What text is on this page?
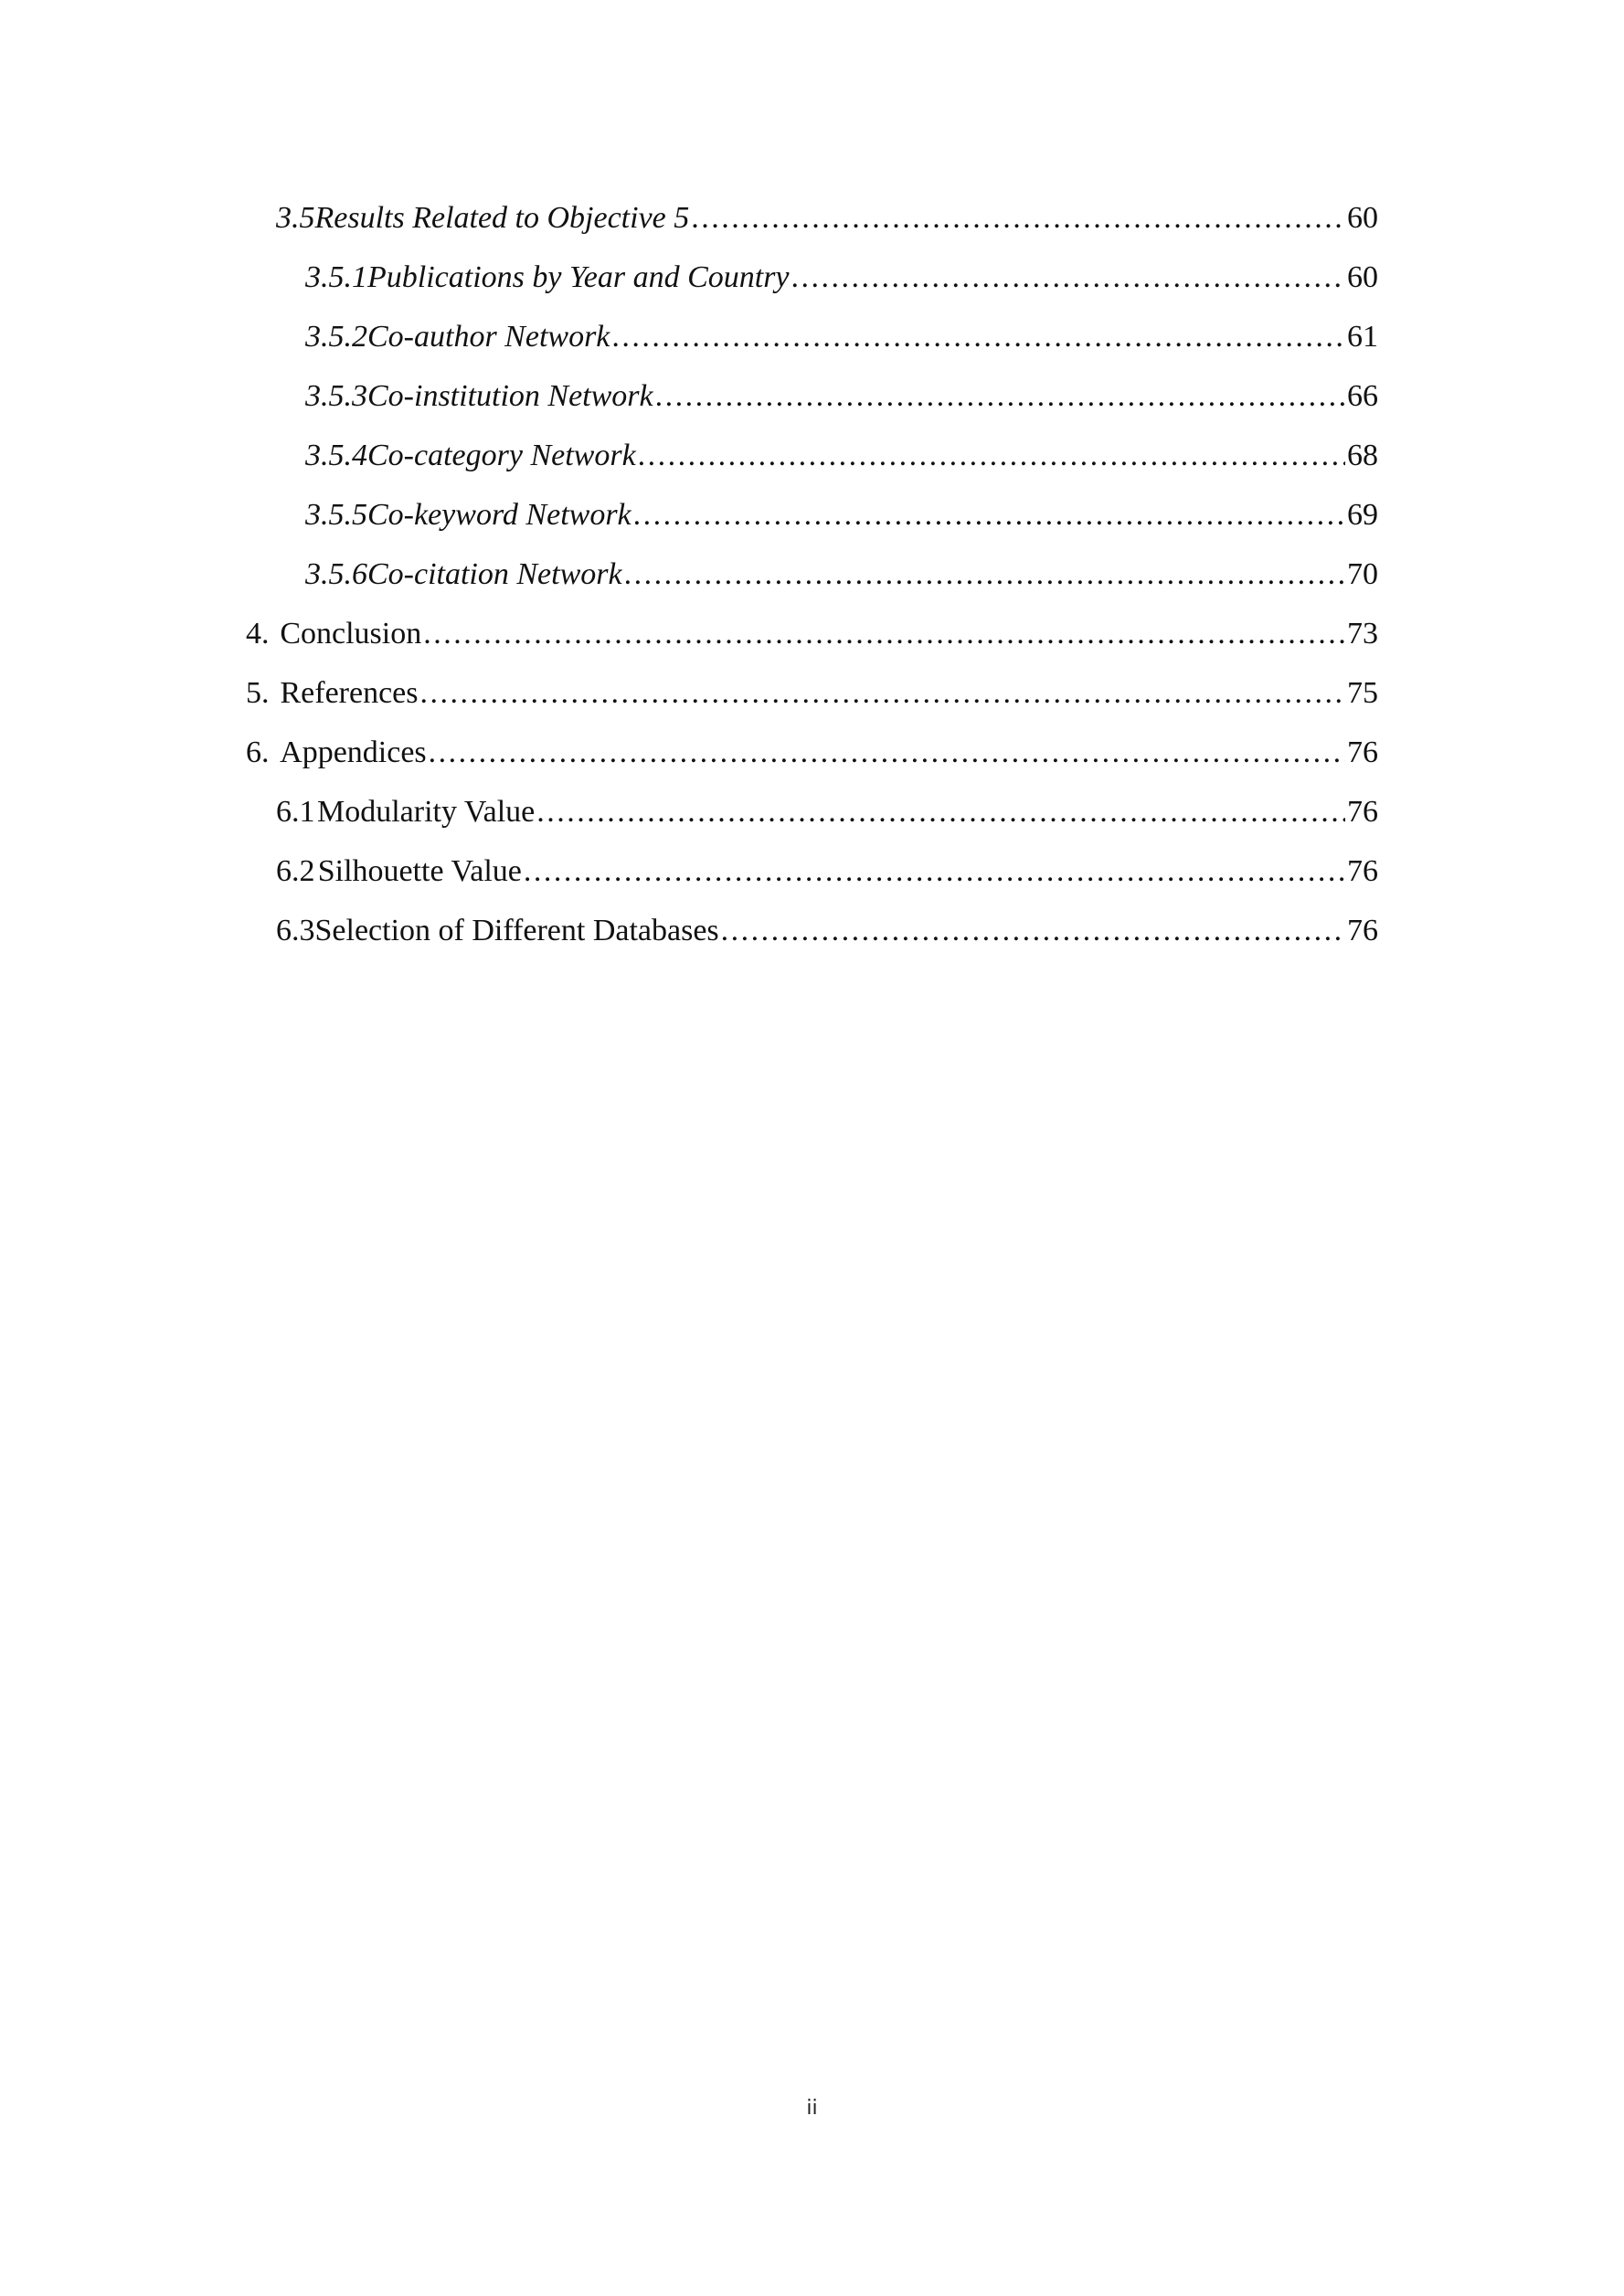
3.5 Results Related to Objective 5 . . .	60
3.5.1 Publications by Year and Country . . .	60
3.5.2 Co-author Network . . .	61
3.5.3 Co-institution Network . . .	66
3.5.4 Co-category Network . . .	68
3.5.5 Co-keyword Network . . .	69
3.5.6 Co-citation Network . . .	70
4. Conclusion . . .	73
5. References . . .	75
6. Appendices . . .	76
6.1 Modularity Value . . .	76
6.2 Silhouette Value . . .	76
6.3 Selection of Different Databases . . .	76
ii
